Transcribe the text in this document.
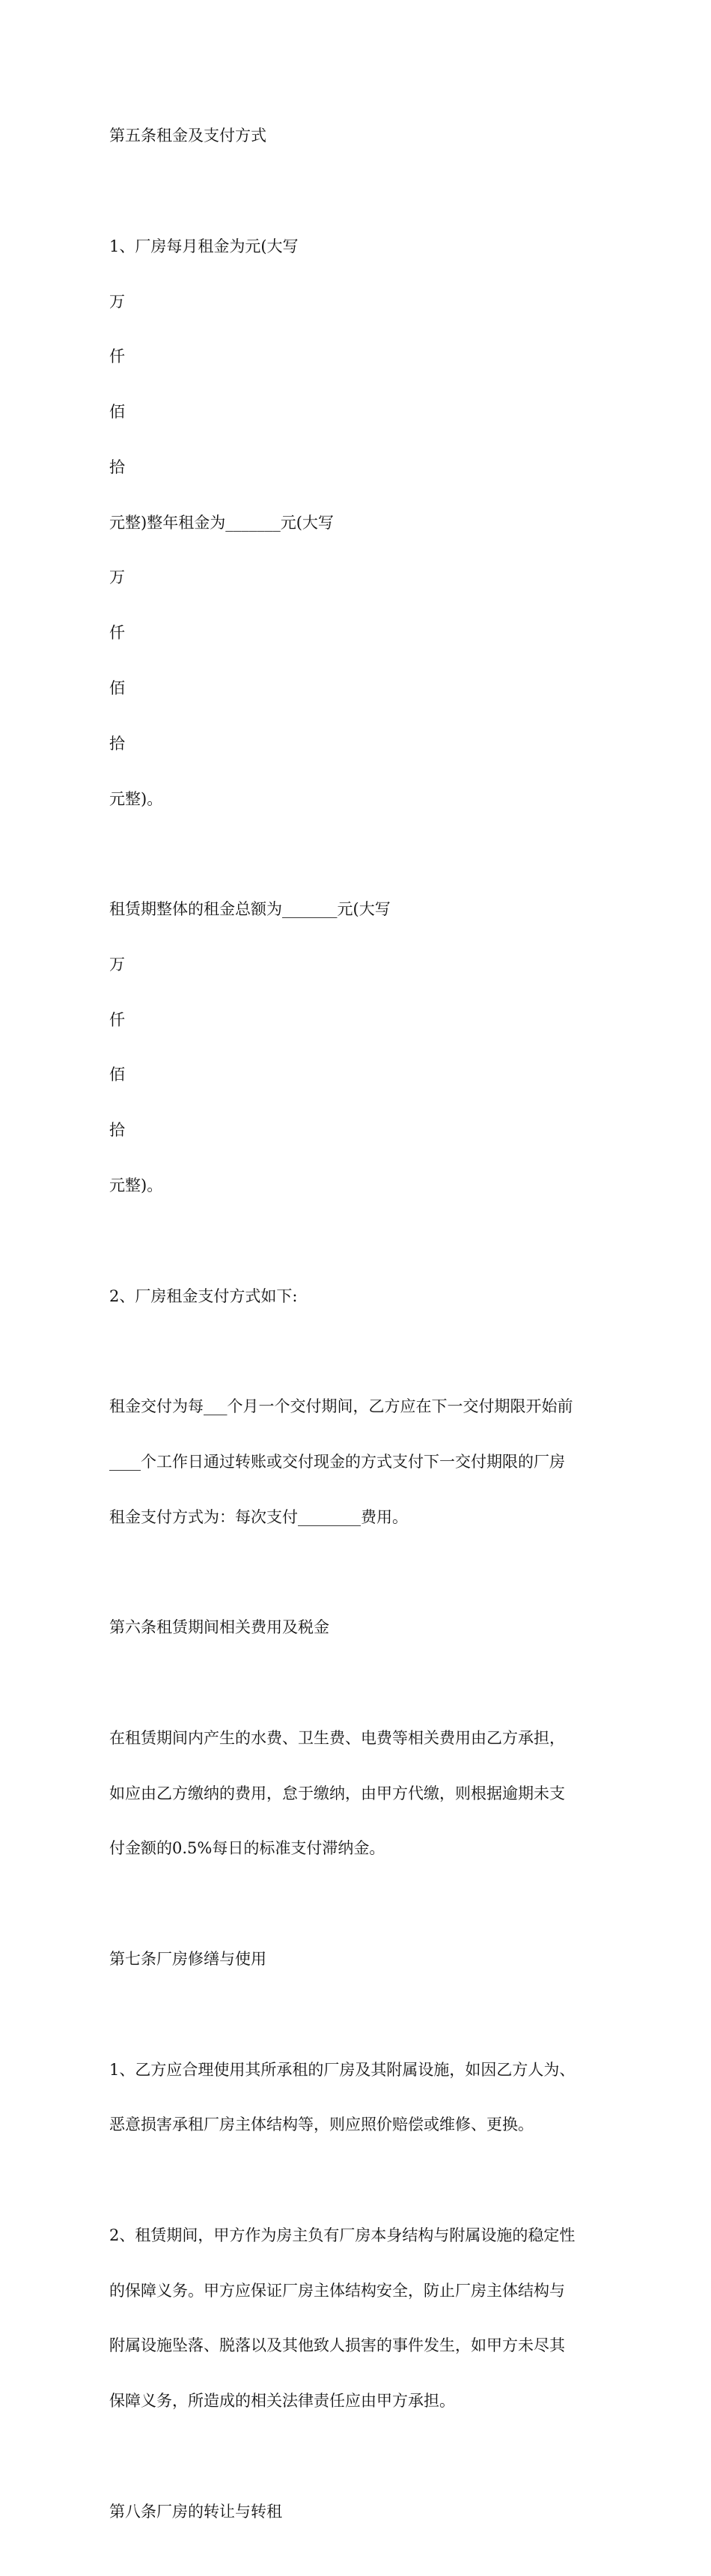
第五条租金及支付方式

1、厂房每月租金为元(大写

万

仟

佰

拾

元整)整年租金为_______元(大写

万

仟

佰

拾

元整)。

租赁期整体的租金总额为_______元(大写

万

仟

佰

拾

元整)。

2、厂房租金支付方式如下:

租金交付为每___个月一个交付期间，乙方应在下一交付期限开始前

____个工作日通过转账或交付现金的方式支付下一交付期限的厂房

租金支付方式为：每次支付________费用。

第六条租赁期间相关费用及税金

在租赁期间内产生的水费、卫生费、电费等相关费用由乙方承担，

如应由乙方缴纳的费用，怠于缴纳，由甲方代缴，则根据逾期未支

付金额的0.5%每日的标准支付滞纳金。

第七条厂房修缮与使用

1、乙方应合理使用其所承租的厂房及其附属设施，如因乙方人为、

恶意损害承租厂房主体结构等，则应照价赔偿或维修、更换。

2、租赁期间，甲方作为房主负有厂房本身结构与附属设施的稳定性

的保障义务。甲方应保证厂房主体结构安全，防止厂房主体结构与

附属设施坠落、脱落以及其他致人损害的事件发生，如甲方未尽其

保障义务，所造成的相关法律责任应由甲方承担。

第八条厂房的转让与转租
